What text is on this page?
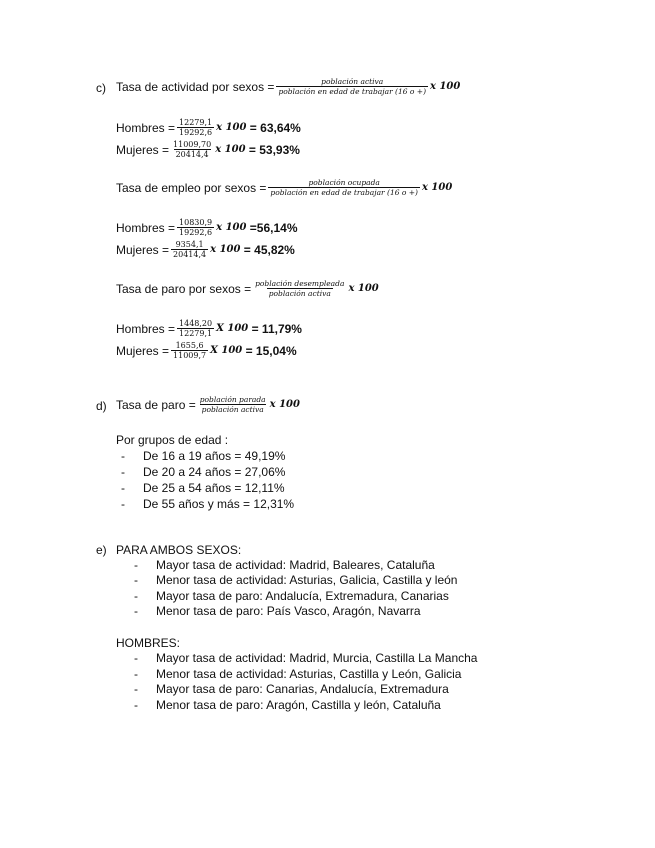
c) Tasa de actividad por sexos = $\frac{\text{población activa}}{\text{población en edad de trabajar (16 o +)}}$ x 100
Hombres = $\frac{12279,1}{19292,6}$ x 100
= 63,64%
Mujeres = $\frac{11009,70}{20414,4}$ x 100
= 53,93%
Tasa de empleo por sexos = $\frac{\text{población ocupada}}{\text{población en edad de trabajar (16 o +)}}$ x 100
Hombres = $\frac{10830,9}{19292,6}$ x 100
=56,14%
Mujeres = $\frac{9354,1}{20414,4}$ x 100
= 45,82%
Tasa de paro por sexos = $\frac{\text{población desempleada}}{\text{población activa}}$ x 100
Hombres = $\frac{1448,20}{12279,1}$ X 100
= 11,79%
Mujeres = $\frac{1655,6}{11009,7}$ X 100
= 15,04%
d) Tasa de paro = $\frac{\text{población parada}}{\text{población activa}}$ x 100
Por grupos de edad :
- De 16 a 19 años = 49,19%
- De 20 a 24 años = 27,06%
- De 25 a 54 años = 12,11%
- De 55 años y más = 12,31%
e) PARA AMBOS SEXOS:
- Mayor tasa de actividad: Madrid, Baleares, Cataluña
- Menor tasa de actividad: Asturias, Galicia, Castilla y león
- Mayor tasa de paro: Andalucía, Extremadura, Canarias
- Menor tasa de paro: País Vasco, Aragón, Navarra
HOMBRES:
- Mayor tasa de actividad: Madrid, Murcia, Castilla La Mancha
- Menor tasa de actividad: Asturias, Castilla y León, Galicia
- Mayor tasa de paro: Canarias, Andalucía, Extremadura
- Menor tasa de paro: Aragón, Castilla y león, Cataluña
